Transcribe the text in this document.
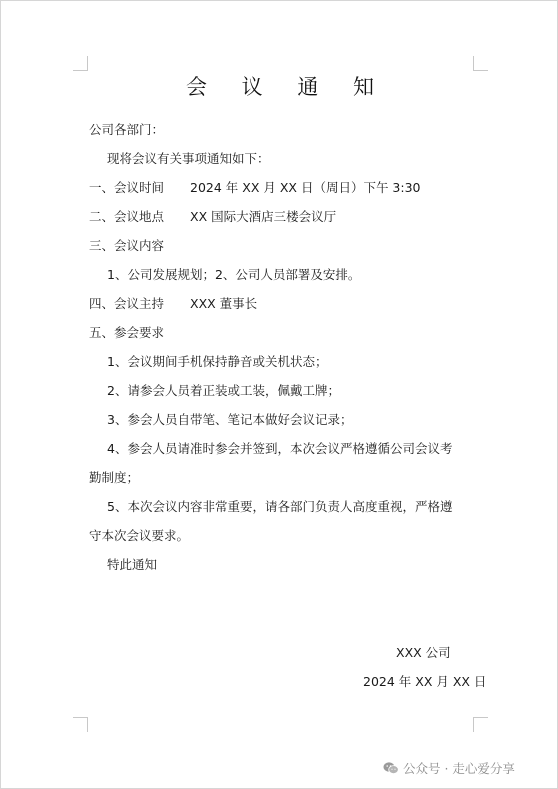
会 议 通 知
公司各部门：
现将会议有关事项通知如下：
一、会议时间 2024 年 XX 月 XX 日（周日）下午 3:30
二、会议地点 XX 国际大酒店三楼会议厅
三、会议内容
1、公司发展规划；2、公司人员部署及安排。
四、会议主持 XXX 董事长
五、参会要求
1、会议期间手机保持静音或关机状态；
2、请参会人员着正装或工装，佩戴工牌；
3、参会人员自带笔、笔记本做好会议记录；
4、参会人员请准时参会并签到，本次会议严格遵循公司会议考
勤制度；
5、本次会议内容非常重要，请各部门负责人高度重视，严格遵
守本次会议要求。
特此通知
XXX 公司
2024 年 XX 月 XX 日
公众号 · 走心爱分享
